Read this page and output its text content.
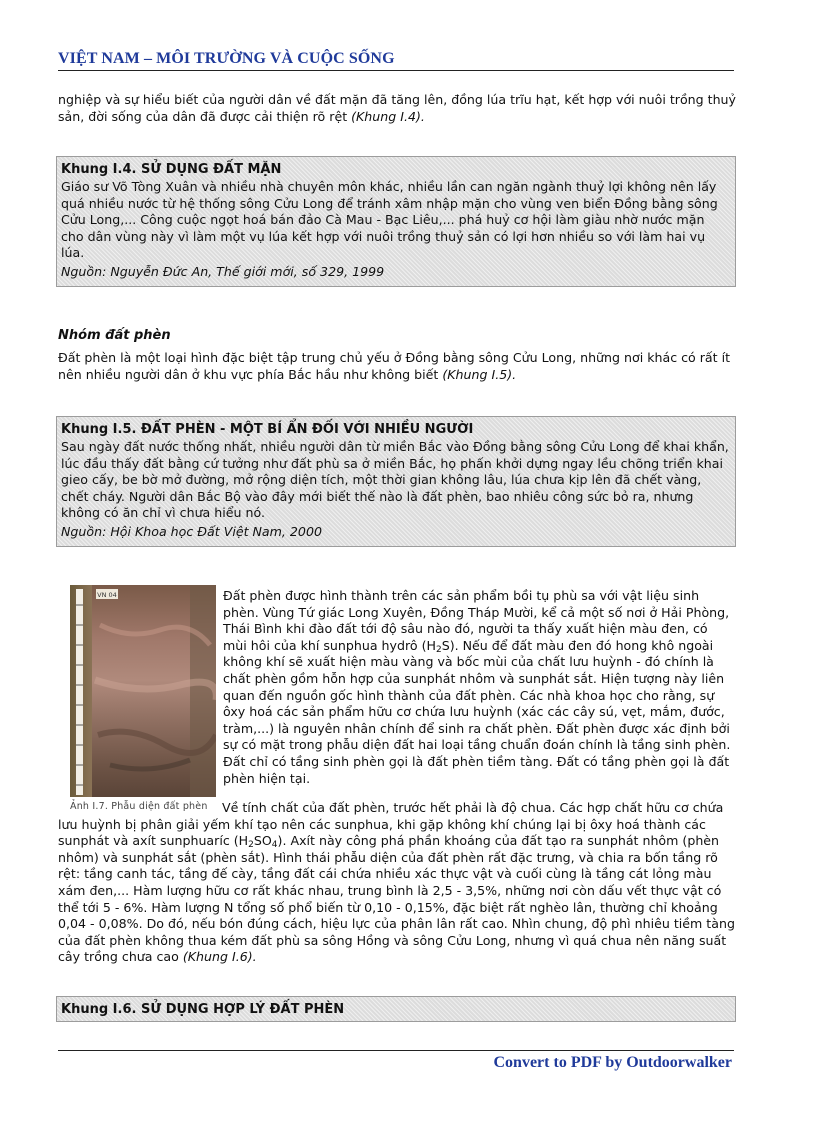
VIỆT NAM – MÔI TRƯỜNG VÀ CUỘC SỐNG

nghiệp và sự hiểu biết của người dân về đất mặn đã tăng lên, đồng lúa trĩu hạt, kết hợp với nuôi trồng thuỷ sản, đời sống của dân đã được cải thiện rõ rệt (Khung I.4).

Khung I.4. SỬ DỤNG ĐẤT MẶN

Giáo sư Võ Tòng Xuân và nhiều nhà chuyên môn khác, nhiều lần can ngăn ngành thuỷ lợi không nên lấy quá nhiều nước từ hệ thống sông Cửu Long để tránh xâm nhập mặn cho vùng ven biển Đồng bằng sông Cửu Long,... Công cuộc ngọt hoá bán đảo Cà Mau - Bạc Liêu,... phá huỷ cơ hội làm giàu nhờ nước mặn cho dân vùng này vì làm một vụ lúa kết hợp với nuôi trồng thuỷ sản có lợi hơn nhiều so với làm hai vụ lúa.

Nguồn: Nguyễn Đức An, Thế giới mới, số 329, 1999

Nhóm đất phèn

Đất phèn là một loại hình đặc biệt tập trung chủ yếu ở Đồng bằng sông Cửu Long, những nơi khác có rất ít nên nhiều người dân ở khu vực phía Bắc hầu như không biết (Khung I.5).

Khung I.5. ĐẤT PHÈN - MỘT BÍ ẨN ĐỐI VỚI NHIỀU NGƯỜI

Sau ngày đất nước thống nhất, nhiều người dân từ miền Bắc vào Đồng bằng sông Cửu Long để khai khẩn, lúc đầu thấy đất bằng cứ tưởng như đất phù sa ở miền Bắc, họ phấn khởi dựng ngay lều chõng triển khai gieo cấy, be bờ mở đường, mở rộng diện tích, một thời gian không lâu, lúa chưa kịp lên đã chết vàng, chết cháy. Người dân Bắc Bộ vào đây mới biết thế nào là đất phèn, bao nhiêu công sức bỏ ra, nhưng không có ăn chỉ vì chưa hiểu nó.

Nguồn: Hội Khoa học Đất Việt Nam, 2000

VN 04
Ảnh I.7. Phẫu diện đất phèn

Đất phèn được hình thành trên các sản phẩm bồi tụ phù sa với vật liệu sinh phèn. Vùng Tứ giác Long Xuyên, Đồng Tháp Mười, kể cả một số nơi ở Hải Phòng, Thái Bình khi đào đất tới độ sâu nào đó, người ta thấy xuất hiện màu đen, có mùi hôi của khí sunphua hydrô $(H_2S)$. Nếu để đất màu đen đó hong khô ngoài không khí sẽ xuất hiện màu vàng và bốc mùi của chất lưu huỳnh - đó chính là chất phèn gồm hỗn hợp của sunphát nhôm và sunphát sắt. Hiện tượng này liên quan đến nguồn gốc hình thành của đất phèn. Các nhà khoa học cho rằng, sự ôxy hoá các sản phẩm hữu cơ chứa lưu huỳnh (xác các cây sú, vẹt, mắm, đước, tràm,...) là nguyên nhân chính để sinh ra chất phèn. Đất phèn được xác định bởi sự có mặt trong phẫu diện đất hai loại tầng chuẩn đoán chính là tầng sinh phèn. Đất chỉ có tầng sinh phèn gọi là đất phèn tiềm tàng. Đất có tầng phèn gọi là đất phèn hiện tại.

Về tính chất của đất phèn, trước hết phải là độ chua. Các hợp chất hữu cơ chứa lưu huỳnh bị phân giải yếm khí tạo nên các sunphua, khi gặp không khí chúng lại bị ôxy hoá thành các sunphát và axít sunphuaríc $(H_2SO_4)$. Axít này công phá phần khoáng của đất tạo ra sunphát nhôm (phèn nhôm) và sunphát sắt (phèn sắt). Hình thái phẫu diện của đất phèn rất đặc trưng, và chia ra bốn tầng rõ rệt: tầng canh tác, tầng đế cày, tầng đất cái chứa nhiều xác thực vật và cuối cùng là tầng cát lỏng màu xám đen,... Hàm lượng hữu cơ rất khác nhau, trung bình là 2,5 - 3,5%, những nơi còn dấu vết thực vật có thể tới 5 - 6%. Hàm lượng N tổng số phổ biến từ 0,10 - 0,15%, đặc biệt rất nghèo lân, thường chỉ khoảng 0,04 - 0,08%. Do đó, nếu bón đúng cách, hiệu lực của phân lân rất cao. Nhìn chung, độ phì nhiêu tiềm tàng của đất phèn không thua kém đất phù sa sông Hồng và sông Cửu Long, nhưng vì quá chua nên năng suất cây trồng chưa cao (Khung I.6).

Khung I.6. SỬ DỤNG HỢP LÝ ĐẤT PHÈN

Convert to PDF by Outdoorwalker
